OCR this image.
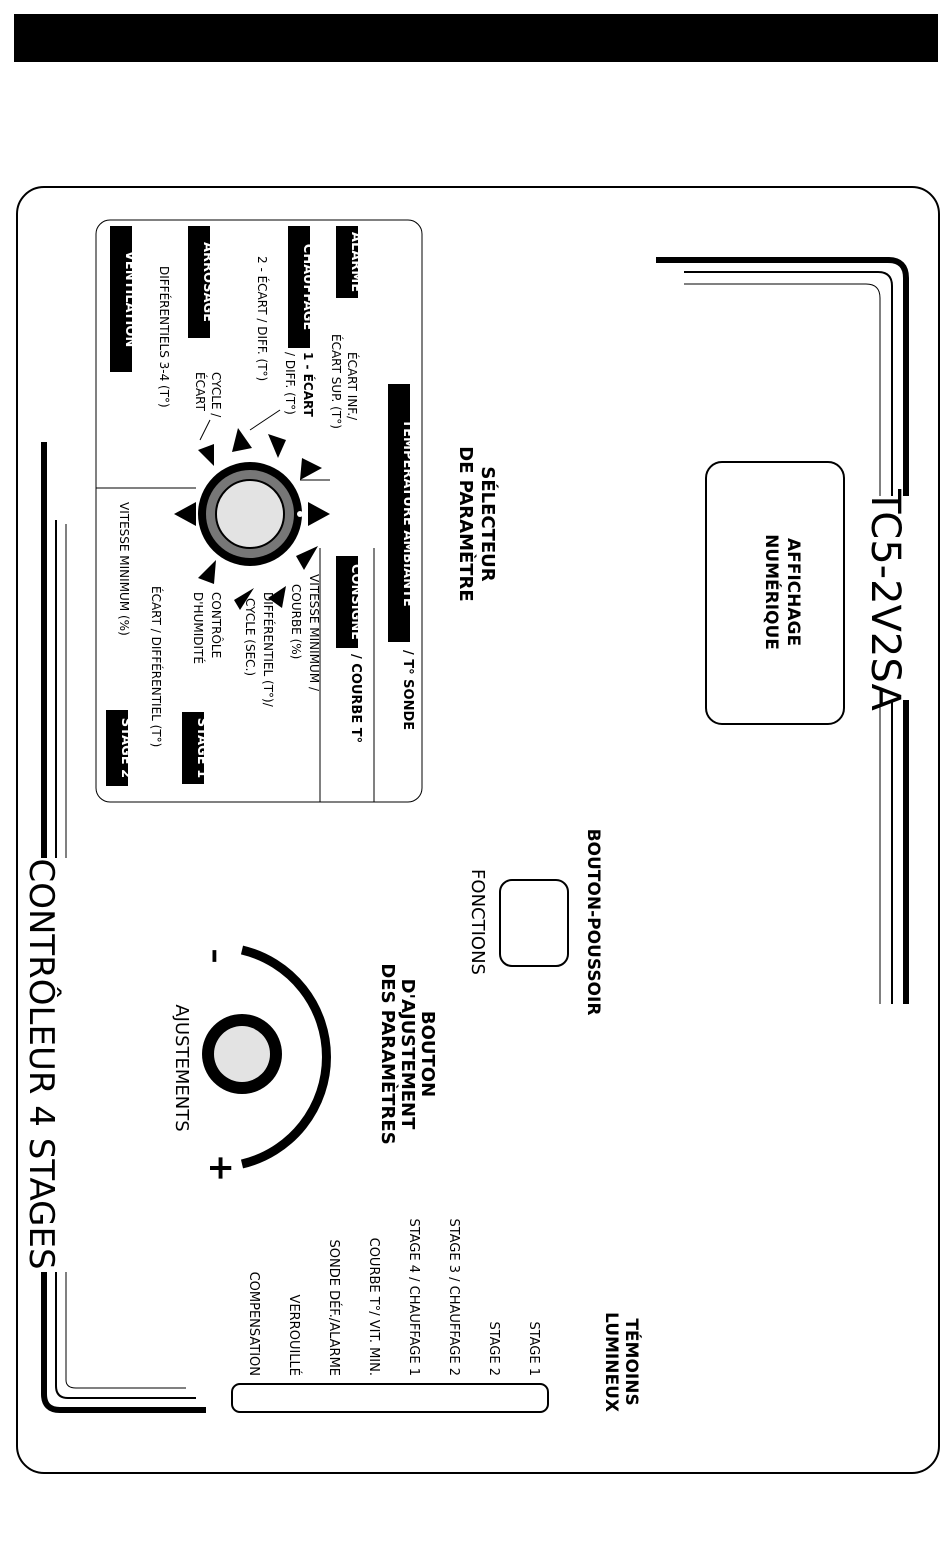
TC5-2V2SA
AFFICHAGE
NUMÉRIQUE
SÉLECTEUR
DE PARAMÈTRE
TEMPÉRATURE AMBIANTE
/ T° SONDE
CONSIGNE
/ COURBE T°
VITESSE MINIMUM /
COURBE (%)
DIFFÉRENTIEL (T°)/
CYCLE (SEC.)
CONTRÔLE
D'HUMIDITÉ
STAGE 1
ÉCART / DIFFÉRENTIEL (T°)
VITESSE MINIMUM (%)
STAGE 2
ALARME
ÉCART INF./
ÉCART SUP. (T°)
CHAUFFAGE
1 - ÉCART
/ DIFF. (T°)
2 - ÉCART / DIFF. (T°)
ARROSAGE
CYCLE /
ÉCART
VENTILATION DIFFÉRENTIELS 3-4 (T°)
BOUTON-POUSSOIR
FONCTIONS
BOUTON
D'AJUSTEMENT
DES PARAMÈTRES
–
+
AJUSTEMENTS
TÉMOINS
LUMINEUX
STAGE 1
STAGE 2
STAGE 3 / CHAUFFAGE 2
STAGE 4 / CHAUFFAGE 1
COURBE T°/ VIT. MIN.
SONDE DÉF./ALARME
VERROUILLÉ
COMPENSATION
CONTRÔLEUR 4 STAGES
